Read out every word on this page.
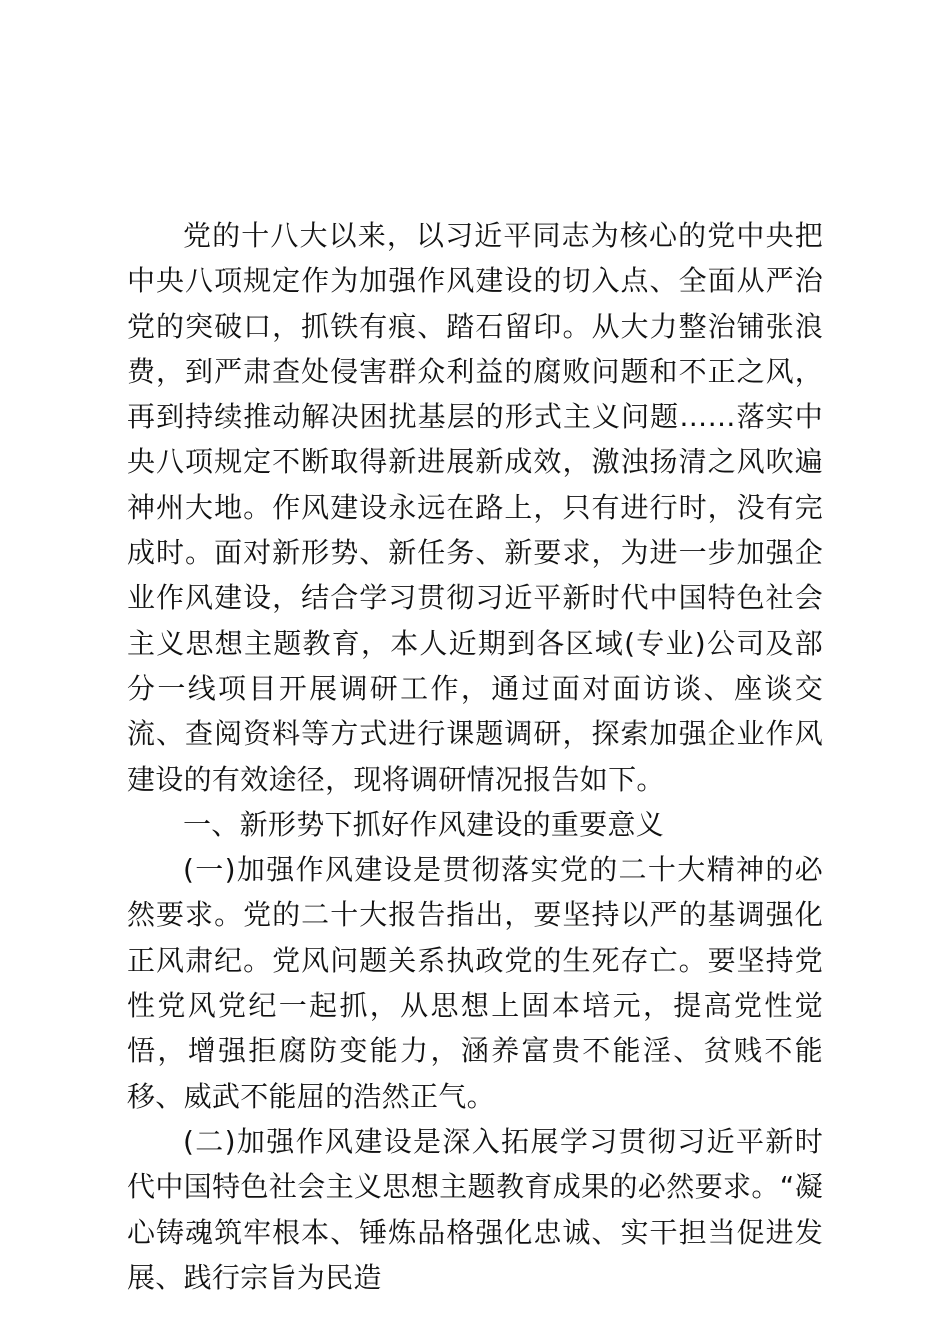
党的十八大以来，以习近平同志为核心的党中央把中央八项规定作为加强作风建设的切入点、全面从严治党的突破口，抓铁有痕、踏石留印。从大力整治铺张浪费，到严肃查处侵害群众利益的腐败问题和不正之风，再到持续推动解决困扰基层的形式主义问题……落实中央八项规定不断取得新进展新成效，激浊扬清之风吹遍神州大地。作风建设永远在路上，只有进行时，没有完成时。面对新形势、新任务、新要求，为进一步加强企业作风建设，结合学习贯彻习近平新时代中国特色社会主义思想主题教育，本人近期到各区域(专业)公司及部分一线项目开展调研工作，通过面对面访谈、座谈交流、查阅资料等方式进行课题调研，探索加强企业作风建设的有效途径，现将调研情况报告如下。

一、新形势下抓好作风建设的重要意义

(一)加强作风建设是贯彻落实党的二十大精神的必然要求。党的二十大报告指出，要坚持以严的基调强化正风肃纪。党风问题关系执政党的生死存亡。要坚持党性党风党纪一起抓，从思想上固本培元，提高党性觉悟，增强拒腐防变能力，涵养富贵不能淫、贫贱不能移、威武不能屈的浩然正气。

(二)加强作风建设是深入拓展学习贯彻习近平新时代中国特色社会主义思想主题教育成果的必然要求。“凝心铸魂筑牢根本、锤炼品格强化忠诚、实干担当促进发展、践行宗旨为民造
